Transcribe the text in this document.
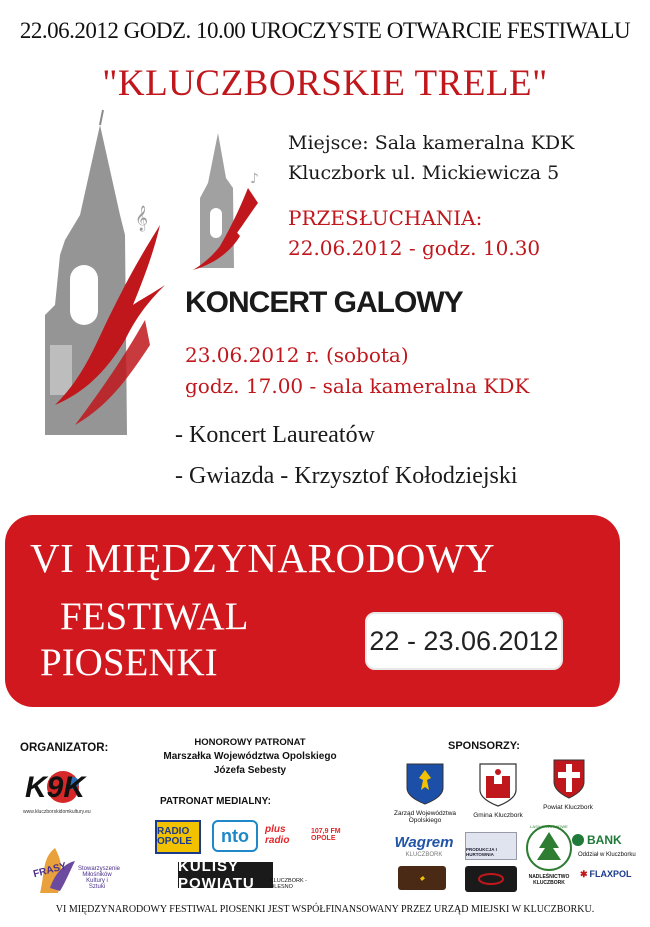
22.06.2012 GODZ. 10.00 UROCZYSTE OTWARCIE FESTIWALU
"KLUCZBORSKIE TRELE"
𝄞
♪
Miejsce: Sala kameralna KDK
Kluczbork ul. Mickiewicza 5
PRZESŁUCHANIA:
22.06.2012 - godz. 10.30
KONCERT GALOWY
23.06.2012 r. (sobota)
godz. 17.00 - sala kameralna KDK
- Koncert Laureatów
- Gwiazda - Krzysztof Kołodziejski
VI MIĘDZYNARODOWY
FESTIWAL
PIOSENKI	22 - 23.06.2012
ORGANIZATOR:
K9K
www.kluczborskidomkultury.eu
FRASY Stowarzyszenie Miłośników Kultury i Sztuki
HONOROWY PATRONAT
Marszałka Województwa Opolskiego
Józefa Sebesty
PATRONAT MEDIALNY:
RADIO OPOLE	nto	plus radio
107,9 FM OPOLE
KULISY POWIATU	KLUCZBORK - OLESNO
SPONSORZY:
Zarząd Województwa Opolskiego
Gmina Kluczbork
Powiat Kluczbork
Wagrem
KLUCZBORK
PRODUKCJA I HURTOWNIA
LASY PAŃSTWOWE
NADLEŚNICTWO KLUCZBORK
BANK
Oddział w Kluczborku
◆	✱ FLAXPOL
VI MIĘDZYNARODOWY FESTIWAL PIOSENKI JEST WSPÓŁFINANSOWANY PRZEZ URZĄD MIEJSKI W KLUCZBORKU.
